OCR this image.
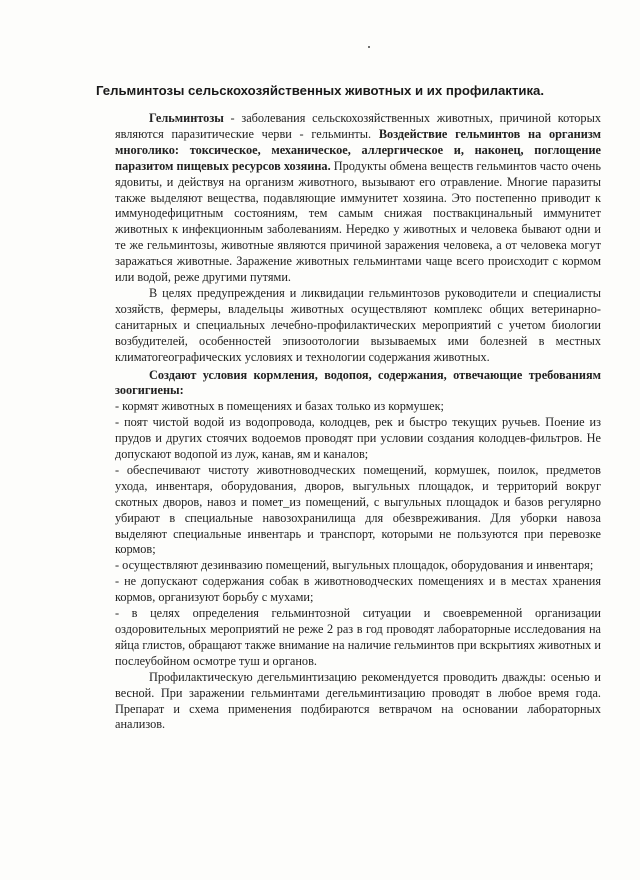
Гельминтозы сельскохозяйственных животных и их профилактика.

Гельминтозы - заболевания сельскохозяйственных животных, причиной которых являются паразитические черви - гельминты. Воздействие гельминтов на организм многолико: токсическое, механическое, аллергическое и, наконец, поглощение паразитом пищевых ресурсов хозяина. Продукты обмена веществ гельминтов часто очень ядовиты, и действуя на организм животного, вызывают его отравление. Многие паразиты также выделяют вещества, подавляющие иммунитет хозяина. Это постепенно приводит к иммунодефицитным состояниям, тем самым снижая поствакцинальный иммунитет животных к инфекционным заболеваниям. Нередко у животных и человека бывают одни и те же гельминтозы, животные являются причиной заражения человека, а от человека могут заражаться животные. Заражение животных гельминтами чаще всего происходит с кормом или водой, реже другими путями.

В целях предупреждения и ликвидации гельминтозов руководители и специалисты хозяйств, фермеры, владельцы животных осуществляют комплекс общих ветеринарно-санитарных и специальных лечебно-профилактических мероприятий с учетом биологии возбудителей, особенностей эпизоотологии вызываемых ими болезней в местных климатогеографических условиях и технологии содержания животных.

Создают условия кормления, водопоя, содержания, отвечающие требованиям зоогигиены:

- кормят животных в помещениях и базах только из кормушек;

- поят чистой водой из водопровода, колодцев, рек и быстро текущих ручьев. Поение из прудов и других стоячих водоемов проводят при условии создания колодцев-фильтров. Не допускают водопой из луж, канав, ям и каналов;

- обеспечивают чистоту животноводческих помещений, кормушек, поилок, предметов ухода, инвентаря, оборудования, дворов, выгульных площадок, и территорий вокруг скотных дворов, навоз и помет_из помещений, с выгульных площадок и базов регулярно убирают в специальные навозохранилища для обезвреживания. Для уборки навоза выделяют специальные инвентарь и транспорт, которыми не пользуются при перевозке кормов;

- осуществляют дезинвазию помещений, выгульных площадок, оборудования и инвентаря;

- не допускают содержания собак в животноводческих помещениях и в местах хранения кормов, организуют борьбу с мухами;

- в целях определения гельминтозной ситуации и своевременной организации оздоровительных мероприятий не реже 2 раз в год проводят лабораторные исследования на яйца глистов, обращают также внимание на наличие гельминтов при вскрытиях животных и послеубойном осмотре туш и органов.

Профилактическую дегельминтизацию рекомендуется проводить дважды: осенью и весной. При заражении гельминтами дегельминтизацию проводят в любое время года. Препарат и схема применения подбираются ветврачом на основании лабораторных анализов.
